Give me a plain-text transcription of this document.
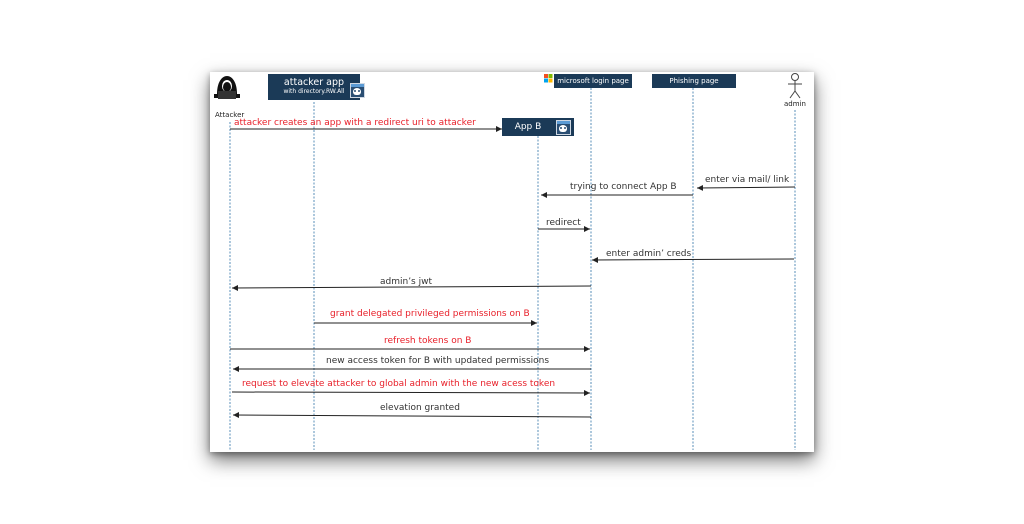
Attacker
admin
attacker app
with directory.RW.All
App B
microsoft login page	Phishing page
attacker creates an app with a redirect uri to attacker
enter via mail/ link
trying to connect App B
redirect
enter admin’ creds
admin’s jwt
grant delegated privileged permissions on B
refresh tokens on B
new access token for B with updated permissions
request to elevate attacker to global admin with the new acess token
elevation granted
